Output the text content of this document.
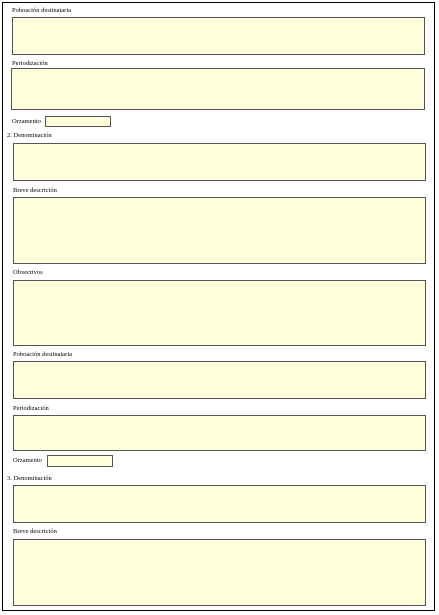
Poboación destinataria
Periodización
Orzamento
2. Denominación
Breve descrición
Obxectivos
Poboación destinataria
Periodización
Orzamento
3. Denominación
Breve descrición
